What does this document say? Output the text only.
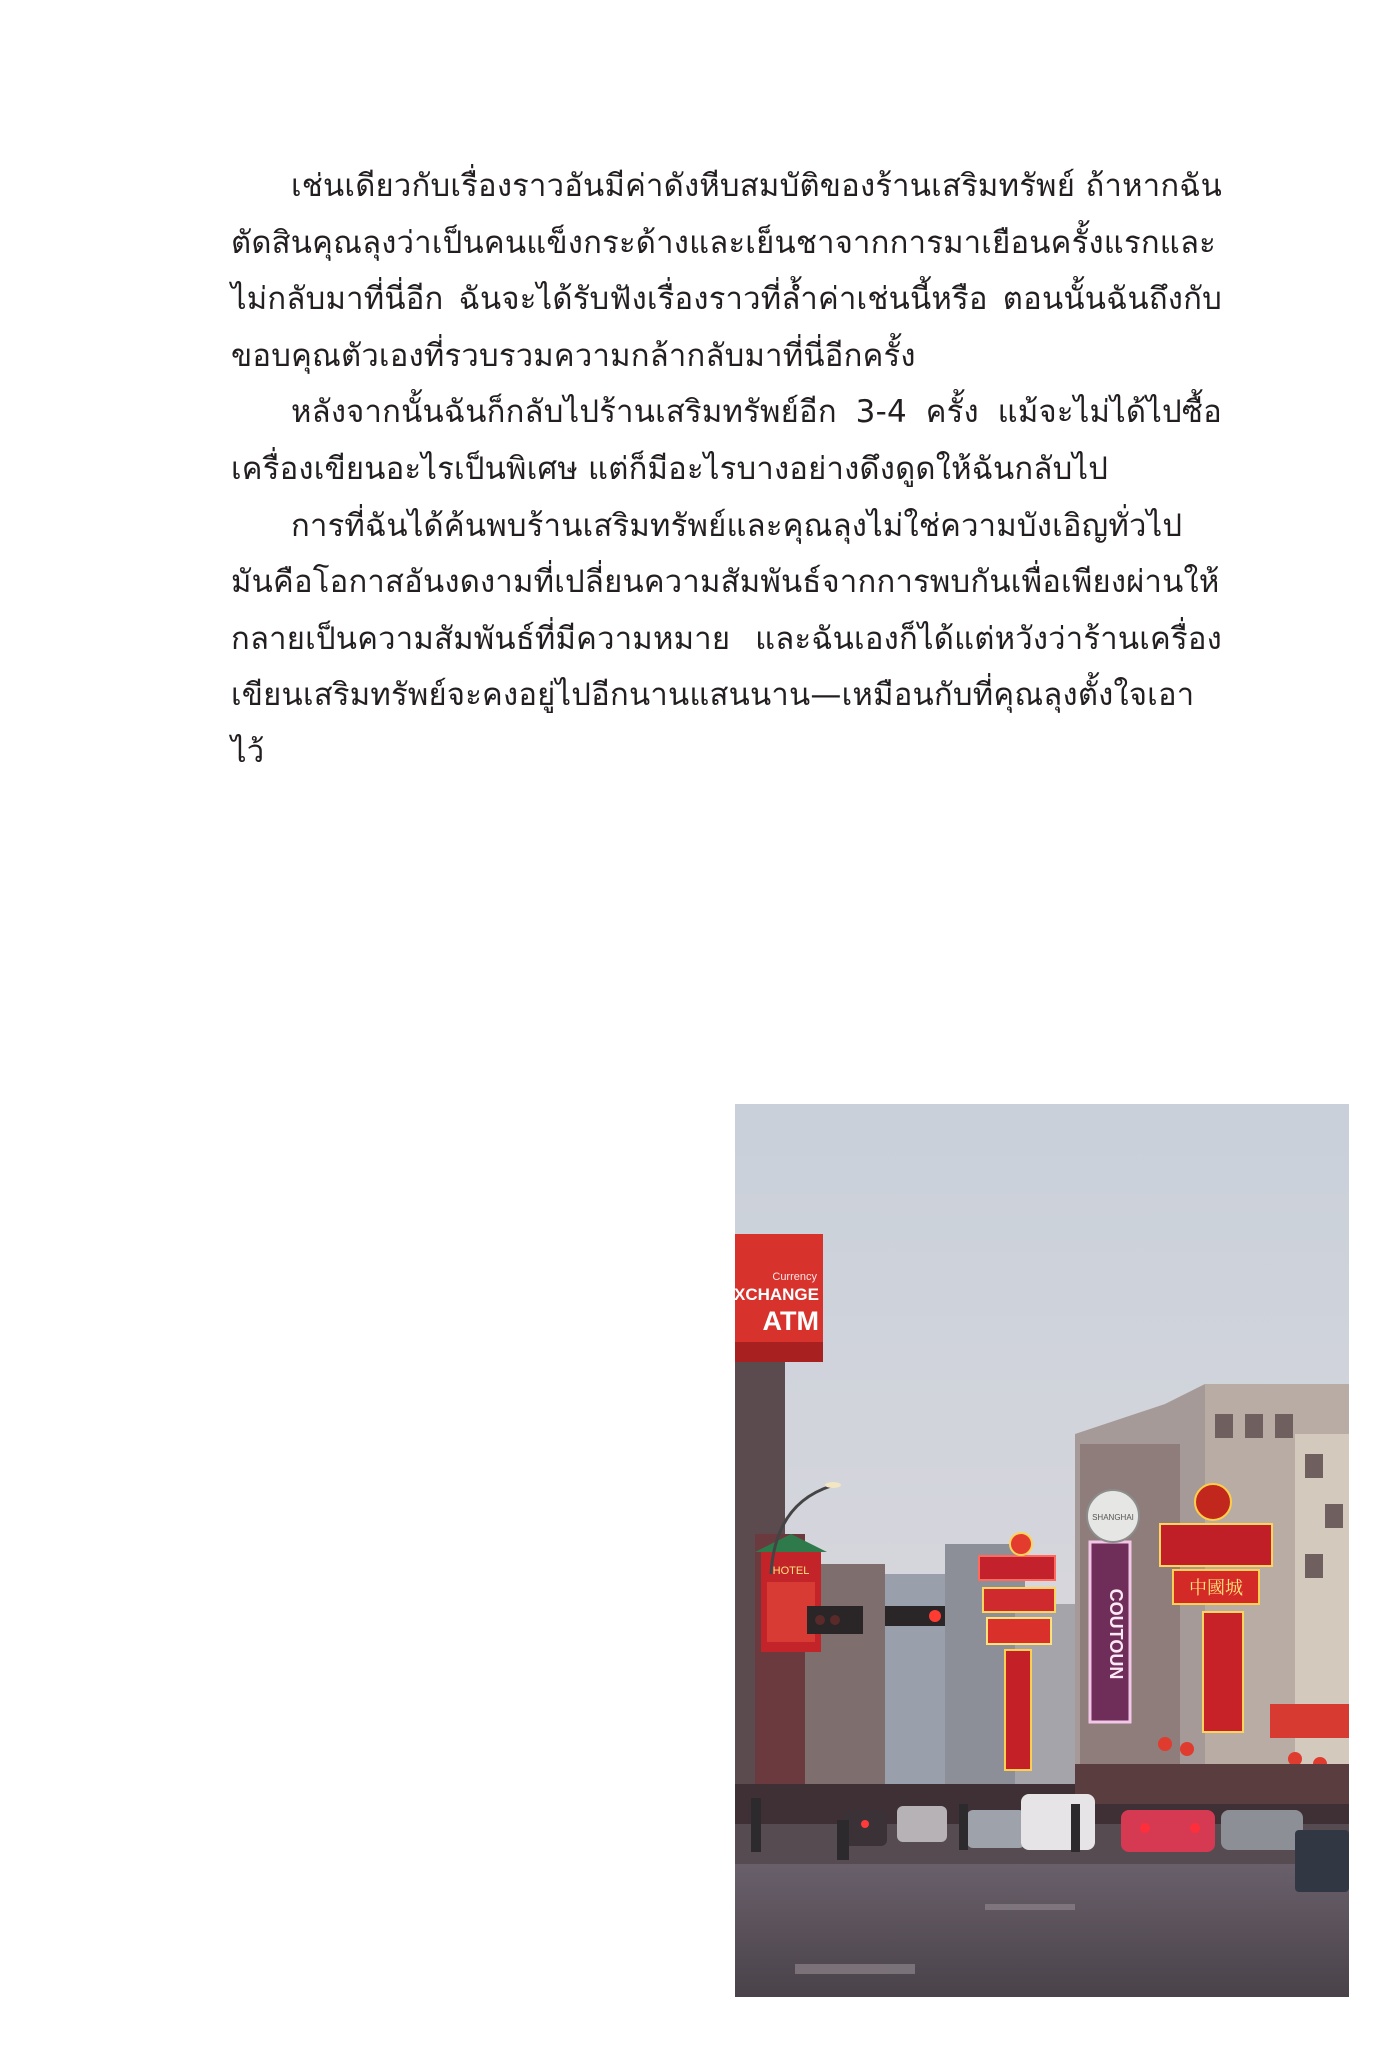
เช่นเดียวกับเรื่องราวอันมีค่าดังหีบสมบัติของร้านเสริมทรัพย์ ถ้าหากฉันตัดสินคุณลุงว่าเป็นคนแข็งกระด้างและเย็นชาจากการมาเยือนครั้งแรกและไม่กลับมาที่นี่อีก ฉันจะได้รับฟังเรื่องราวที่ล้ำค่าเช่นนี้หรือ ตอนนั้นฉันถึงกับขอบคุณตัวเองที่รวบรวมความกล้ากลับมาที่นี่อีกครั้ง

หลังจากนั้นฉันก็กลับไปร้านเสริมทรัพย์อีก 3-4 ครั้ง แม้จะไม่ได้ไปซื้อเครื่องเขียนอะไรเป็นพิเศษ แต่ก็มีอะไรบางอย่างดึงดูดให้ฉันกลับไป

การที่ฉันได้ค้นพบร้านเสริมทรัพย์และคุณลุงไม่ใช่ความบังเอิญทั่วไป มันคือโอกาสอันงดงามที่เปลี่ยนความสัมพันธ์จากการพบกันเพื่อเพียงผ่านให้กลายเป็นความสัมพันธ์ที่มีความหมาย และฉันเองก็ได้แต่หวังว่าร้านเครื่องเขียนเสริมทรัพย์จะคงอยู่ไปอีกนานแสนนาน—เหมือนกับที่คุณลุงตั้งใจเอาไว้

Currency
EXCHANGE
ATM
HOTEL
COUTOUN
SHANGHAI
中國城
